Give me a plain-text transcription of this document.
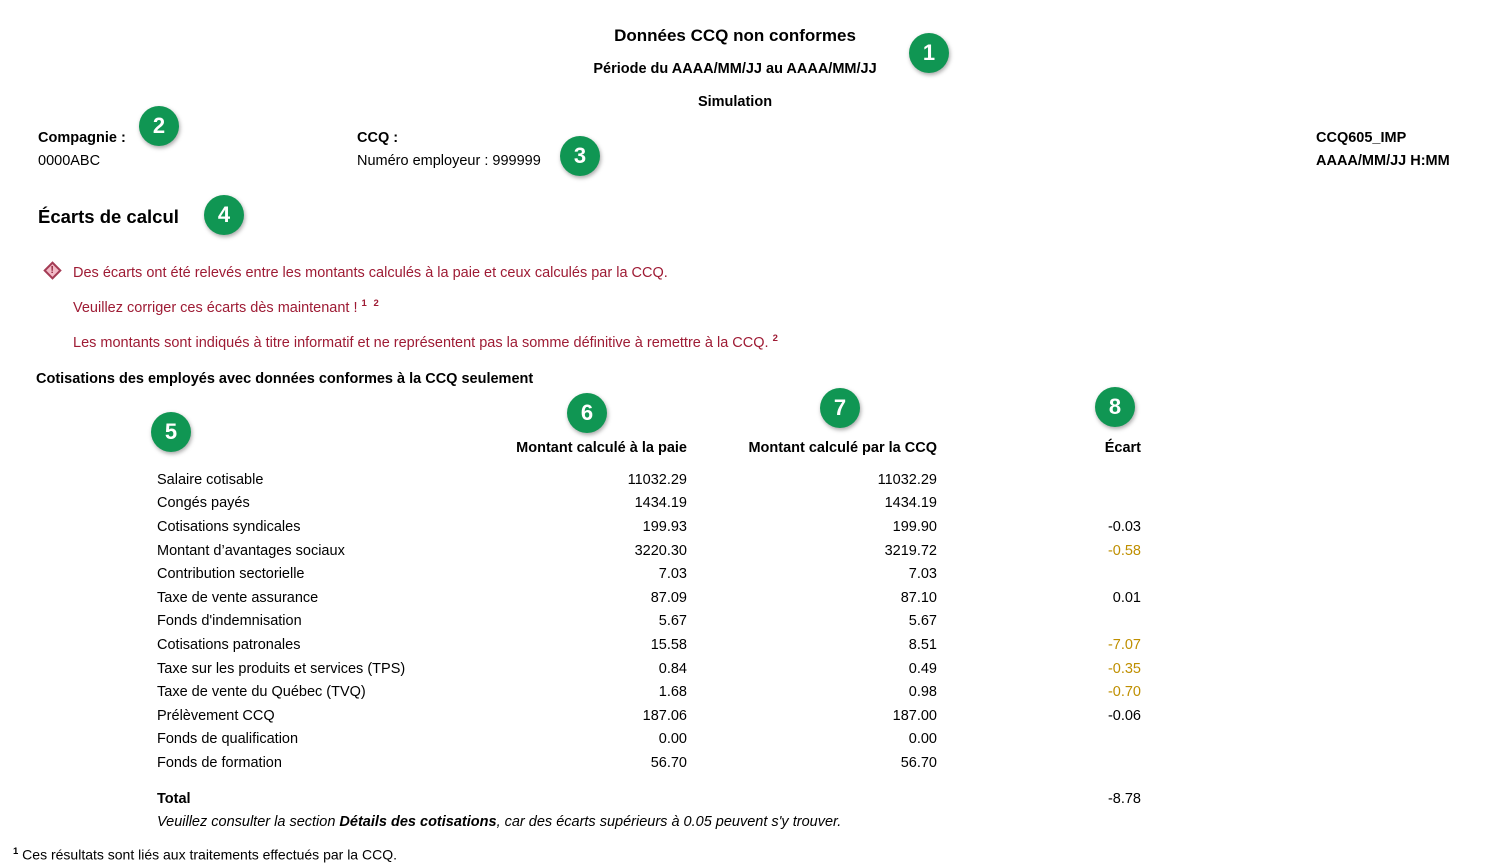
Données CCQ non conformes
Période du AAAA/MM/JJ au AAAA/MM/JJ
Simulation
Compagnie :
0000ABC
CCQ :
Numéro employeur : 999999
CCQ605_IMP
AAAA/MM/JJ H:MM
Écarts de calcul
! Des écarts ont été relevés entre les montants calculés à la paie et ceux calculés par la CCQ.
Veuillez corriger ces écarts dès maintenant ! $^{1 2}$
Les montants sont indiqués à titre informatif et ne représentent pas la somme définitive à remettre à la CCQ. $^2$
Cotisations des employés avec données conformes à la CCQ seulement
	Montant calculé à la paie	Montant calculé par la CCQ	Écart
Salaire cotisable	11032.29	11032.29	
Congés payés	1434.19	1434.19	
Cotisations syndicales	199.93	199.90	-0.03
Montant d’avantages sociaux	3220.30	3219.72	-0.58
Contribution sectorielle	7.03	7.03	
Taxe de vente assurance	87.09	87.10	0.01
Fonds d'indemnisation	5.67	5.67	
Cotisations patronales	15.58	8.51	-7.07
Taxe sur les produits et services (TPS)	0.84	0.49	-0.35
Taxe de vente du Québec (TVQ)	1.68	0.98	-0.70
Prélèvement CCQ	187.06	187.00	-0.06
Fonds de qualification	0.00	0.00	
Fonds de formation	56.70	56.70	
Total			-8.78
Veuillez consulter la section Détails des cotisations, car des écarts supérieurs à 0.05 peuvent s'y trouver.
$^1$ Ces résultats sont liés aux traitements effectués par la CCQ.
1
2
3
4
5
6	7	8
